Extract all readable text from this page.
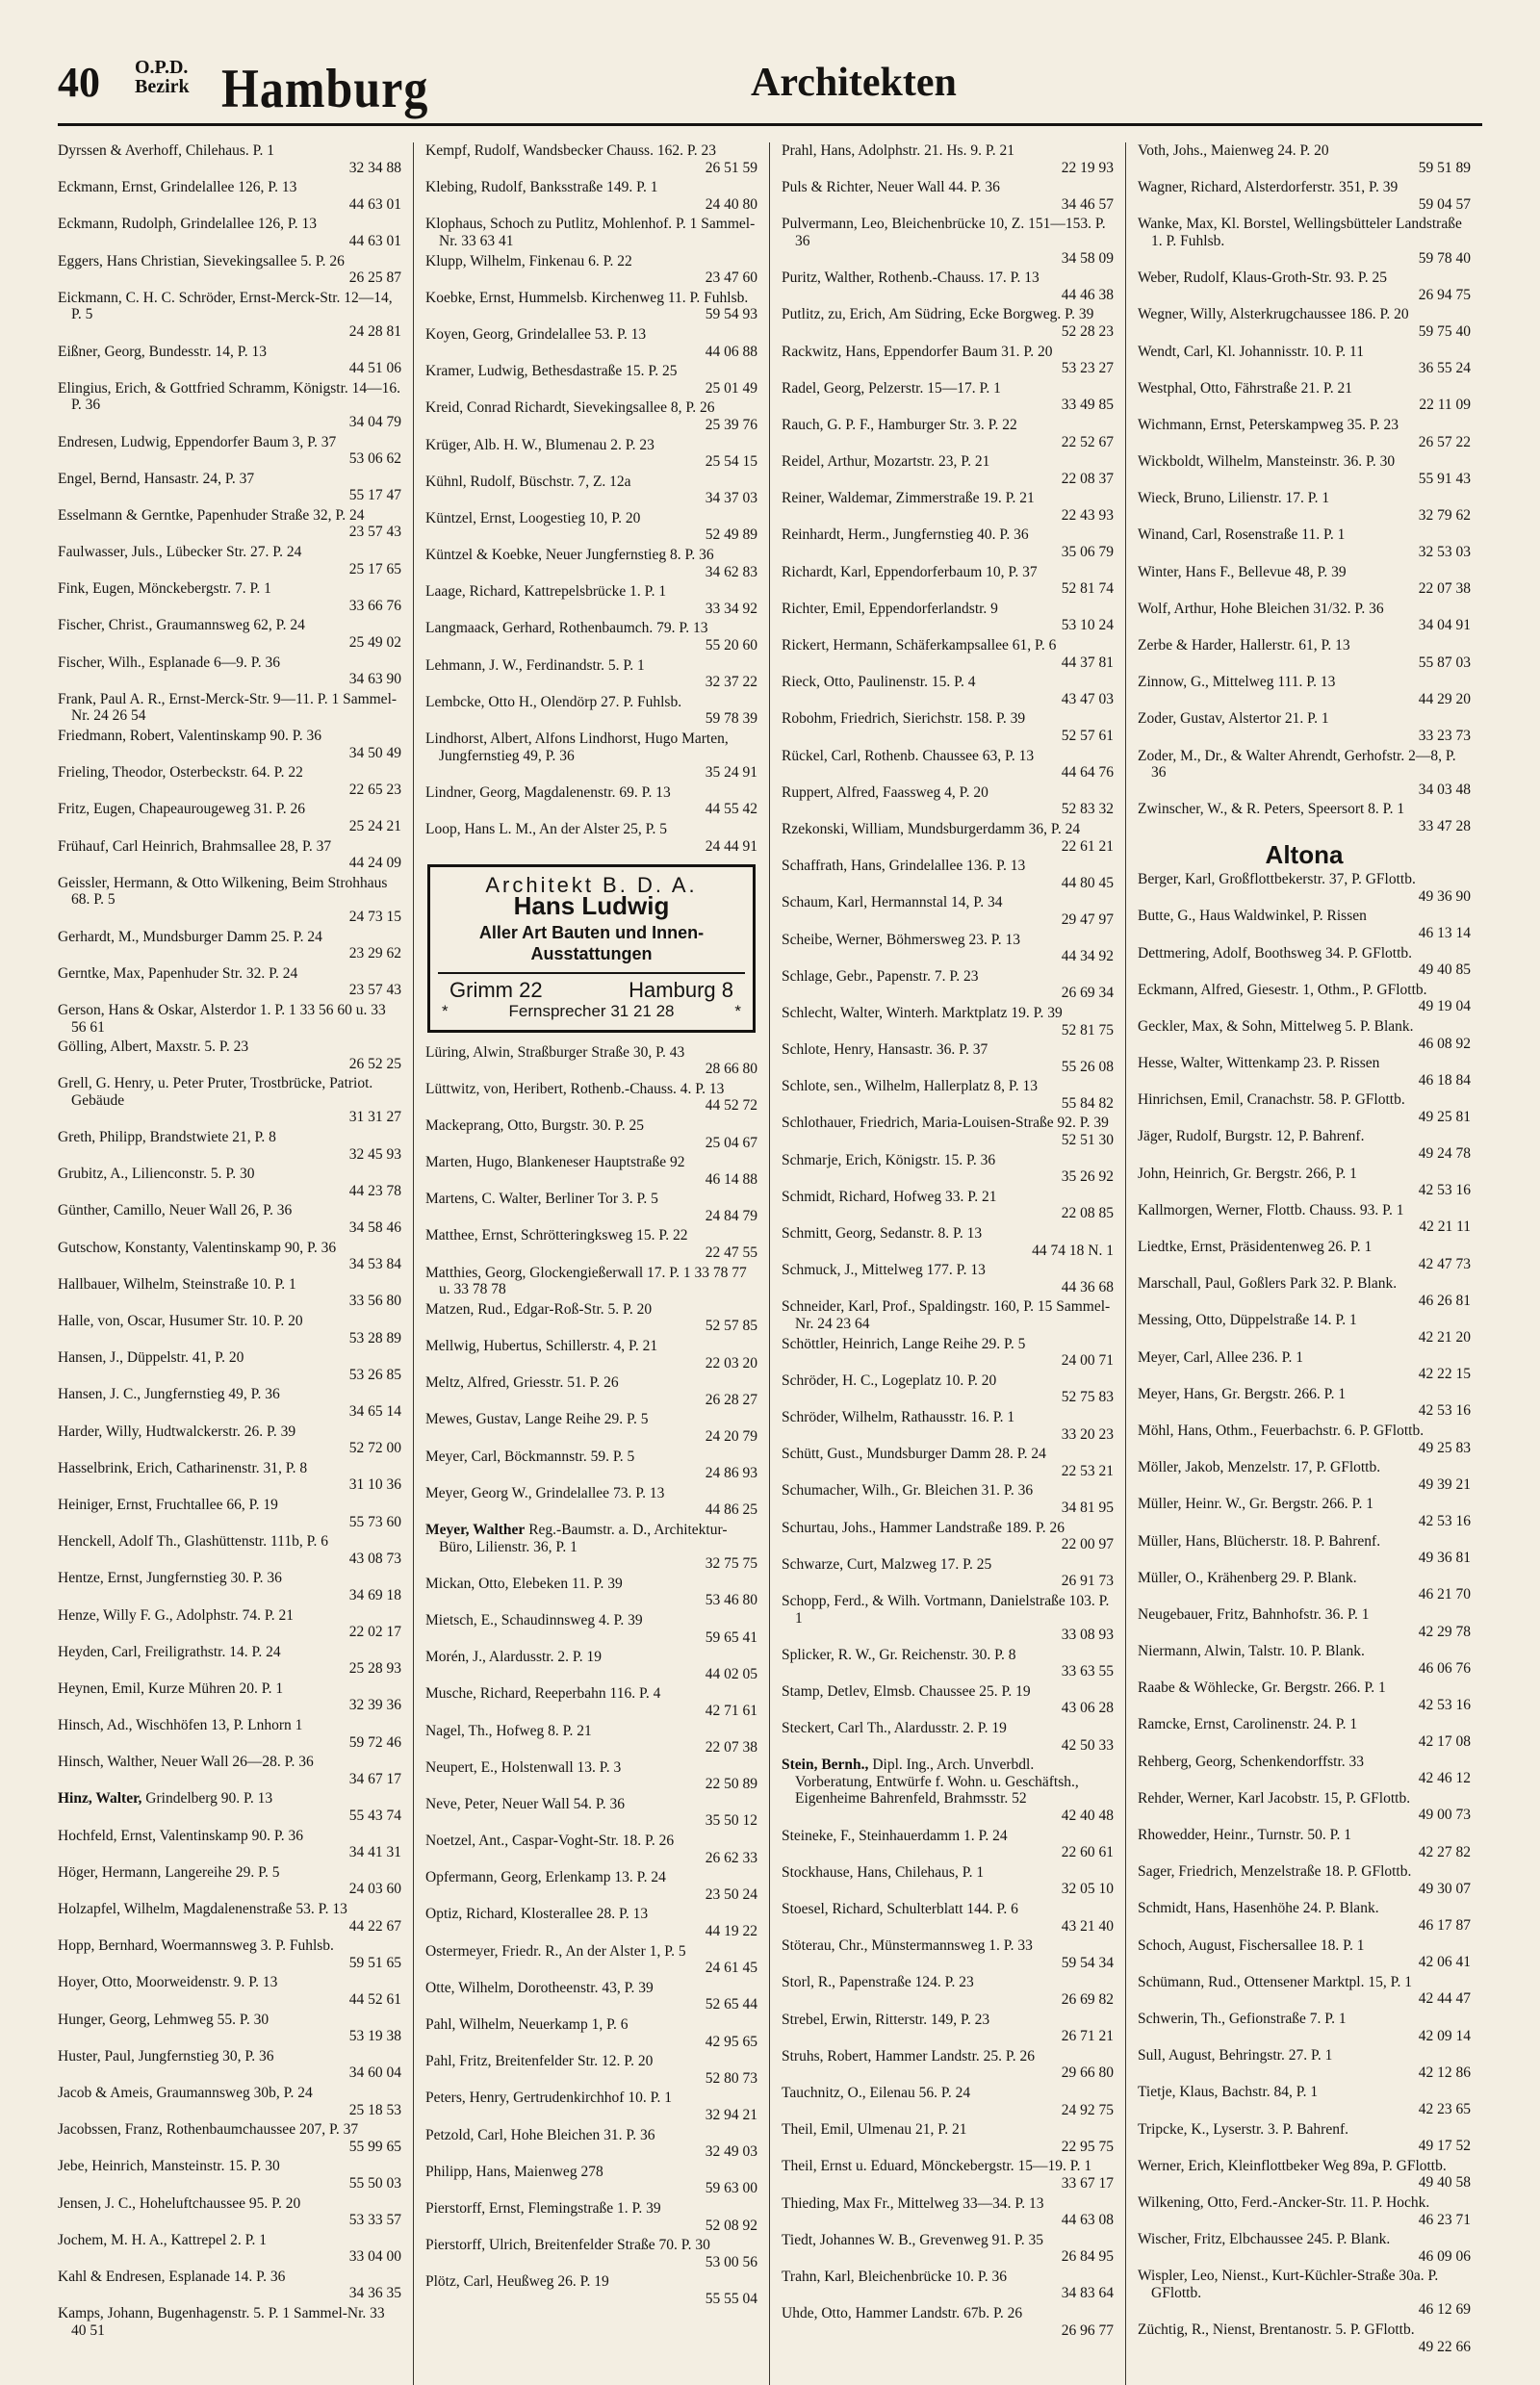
40 O.P.D.
Bezirk Hamburg	Architekten
Dyrssen & Averhoff, Chilehaus. P. 1
32 34 88
Eckmann, Ernst, Grindelallee 126, P. 13
44 63 01
Eckmann, Rudolph, Grindelallee 126, P. 13
44 63 01
Eggers, Hans Christian, Sievekingsallee 5. P. 26
26 25 87
Eickmann, C. H. C. Schröder, Ernst-Merck-Str. 12—14, P. 5
24 28 81
Eißner, Georg, Bundesstr. 14, P. 13
44 51 06
Elingius, Erich, & Gottfried Schramm, Königstr. 14—16. P. 36
34 04 79
Endresen, Ludwig, Eppendorfer Baum 3, P. 37
53 06 62
Engel, Bernd, Hansastr. 24, P. 37
55 17 47
Esselmann & Gerntke, Papenhuder Straße 32, P. 24
23 57 43
Faulwasser, Juls., Lübecker Str. 27. P. 24
25 17 65
Fink, Eugen, Mönckebergstr. 7. P. 1
33 66 76
Fischer, Christ., Graumannsweg 62, P. 24
25 49 02
Fischer, Wilh., Esplanade 6—9. P. 36
34 63 90
Frank, Paul A. R., Ernst-Merck-Str. 9—11. P. 1 Sammel-Nr. 24 26 54
Friedmann, Robert, Valentinskamp 90. P. 36
34 50 49
Frieling, Theodor, Osterbeckstr. 64. P. 22
22 65 23
Fritz, Eugen, Chapeaurougeweg 31. P. 26
25 24 21
Frühauf, Carl Heinrich, Brahmsallee 28, P. 37
44 24 09
Geissler, Hermann, & Otto Wilkening, Beim Strohhaus 68. P. 5
24 73 15
Gerhardt, M., Mundsburger Damm 25. P. 24
23 29 62
Gerntke, Max, Papenhuder Str. 32. P. 24
23 57 43
Gerson, Hans & Oskar, Alsterdor 1. P. 1 33 56 60 u. 33 56 61
Gölling, Albert, Maxstr. 5. P. 23
26 52 25
Grell, G. Henry, u. Peter Pruter, Trostbrücke, Patriot. Gebäude
31 31 27
Greth, Philipp, Brandstwiete 21, P. 8
32 45 93
Grubitz, A., Lilienconstr. 5. P. 30
44 23 78
Günther, Camillo, Neuer Wall 26, P. 36
34 58 46
Gutschow, Konstanty, Valentinskamp 90, P. 36
34 53 84
Hallbauer, Wilhelm, Steinstraße 10. P. 1
33 56 80
Halle, von, Oscar, Husumer Str. 10. P. 20
53 28 89
Hansen, J., Düppelstr. 41, P. 20
53 26 85
Hansen, J. C., Jungfernstieg 49, P. 36
34 65 14
Harder, Willy, Hudtwalckerstr. 26. P. 39
52 72 00
Hasselbrink, Erich, Catharinenstr. 31, P. 8
31 10 36
Heiniger, Ernst, Fruchtallee 66, P. 19
55 73 60
Henckell, Adolf Th., Glashüttenstr. 111b, P. 6
43 08 73
Hentze, Ernst, Jungfernstieg 30. P. 36
34 69 18
Henze, Willy F. G., Adolphstr. 74. P. 21
22 02 17
Heyden, Carl, Freiligrathstr. 14. P. 24
25 28 93
Heynen, Emil, Kurze Mühren 20. P. 1
32 39 36
Hinsch, Ad., Wischhöfen 13, P. Lnhorn 1
59 72 46
Hinsch, Walther, Neuer Wall 26—28. P. 36
34 67 17
Hinz, Walter, Grindelberg 90. P. 13
55 43 74
Hochfeld, Ernst, Valentinskamp 90. P. 36
34 41 31
Höger, Hermann, Langereihe 29. P. 5
24 03 60
Holzapfel, Wilhelm, Magdalenenstraße 53. P. 13
44 22 67
Hopp, Bernhard, Woermannsweg 3. P. Fuhlsb.
59 51 65
Hoyer, Otto, Moorweidenstr. 9. P. 13
44 52 61
Hunger, Georg, Lehmweg 55. P. 30
53 19 38
Huster, Paul, Jungfernstieg 30, P. 36
34 60 04
Jacob & Ameis, Graumannsweg 30b, P. 24
25 18 53
Jacobssen, Franz, Rothenbaumchaussee 207, P. 37
55 99 65
Jebe, Heinrich, Mansteinstr. 15. P. 30
55 50 03
Jensen, J. C., Hoheluftchaussee 95. P. 20
53 33 57
Jochem, M. H. A., Kattrepel 2. P. 1
33 04 00
Kahl & Endresen, Esplanade 14. P. 36
34 36 35
Kamps, Johann, Bugenhagenstr. 5. P. 1 Sammel-Nr. 33 40 51
Kempf, Rudolf, Wandsbecker Chauss. 162. P. 23
26 51 59
Klebing, Rudolf, Banksstraße 149. P. 1
24 40 80
Klophaus, Schoch zu Putlitz, Mohlenhof. P. 1 Sammel-Nr. 33 63 41
Klupp, Wilhelm, Finkenau 6. P. 22
23 47 60
Koebke, Ernst, Hummelsb. Kirchenweg 11. P. Fuhlsb.
59 54 93
Koyen, Georg, Grindelallee 53. P. 13
44 06 88
Kramer, Ludwig, Bethesdastraße 15. P. 25
25 01 49
Kreid, Conrad Richardt, Sievekingsallee 8, P. 26
25 39 76
Krüger, Alb. H. W., Blumenau 2. P. 23
25 54 15
Kühnl, Rudolf, Büschstr. 7, Z. 12a
34 37 03
Küntzel, Ernst, Loogestieg 10, P. 20
52 49 89
Küntzel & Koebke, Neuer Jungfernstieg 8. P. 36
34 62 83
Laage, Richard, Kattrepelsbrücke 1. P. 1
33 34 92
Langmaack, Gerhard, Rothenbaumch. 79. P. 13
55 20 60
Lehmann, J. W., Ferdinandstr. 5. P. 1
32 37 22
Lembcke, Otto H., Olendörp 27. P. Fuhlsb.
59 78 39
Lindhorst, Albert, Alfons Lindhorst, Hugo Marten, Jungfernstieg 49, P. 36
35 24 91
Lindner, Georg, Magdalenenstr. 69. P. 13
44 55 42
Loop, Hans L. M., An der Alster 25, P. 5
24 44 91
Architekt B. D. A.
Hans Ludwig
Aller Art Bauten und Innen-Ausstattungen
Grimm 22	Hamburg 8
*	Fernsprecher 31 21 28	*
Lüring, Alwin, Straßburger Straße 30, P. 43
28 66 80
Lüttwitz, von, Heribert, Rothenb.-Chauss. 4. P. 13
44 52 72
Mackeprang, Otto, Burgstr. 30. P. 25
25 04 67
Marten, Hugo, Blankeneser Hauptstraße 92
46 14 88
Martens, C. Walter, Berliner Tor 3. P. 5
24 84 79
Matthee, Ernst, Schrötteringksweg 15. P. 22
22 47 55
Matthies, Georg, Glockengießerwall 17. P. 1 33 78 77 u. 33 78 78
Matzen, Rud., Edgar-Roß-Str. 5. P. 20
52 57 85
Mellwig, Hubertus, Schillerstr. 4, P. 21
22 03 20
Meltz, Alfred, Griesstr. 51. P. 26
26 28 27
Mewes, Gustav, Lange Reihe 29. P. 5
24 20 79
Meyer, Carl, Böckmannstr. 59. P. 5
24 86 93
Meyer, Georg W., Grindelallee 73. P. 13
44 86 25
Meyer, Walther Reg.-Baumstr. a. D., Architektur-Büro, Lilienstr. 36, P. 1
32 75 75
Mickan, Otto, Elebeken 11. P. 39
53 46 80
Mietsch, E., Schaudinnsweg 4. P. 39
59 65 41
Morén, J., Alardusstr. 2. P. 19
44 02 05
Musche, Richard, Reeperbahn 116. P. 4
42 71 61
Nagel, Th., Hofweg 8. P. 21
22 07 38
Neupert, E., Holstenwall 13. P. 3
22 50 89
Neve, Peter, Neuer Wall 54. P. 36
35 50 12
Noetzel, Ant., Caspar-Voght-Str. 18. P. 26
26 62 33
Opfermann, Georg, Erlenkamp 13. P. 24
23 50 24
Optiz, Richard, Klosterallee 28. P. 13
44 19 22
Ostermeyer, Friedr. R., An der Alster 1, P. 5
24 61 45
Otte, Wilhelm, Dorotheenstr. 43, P. 39
52 65 44
Pahl, Wilhelm, Neuerkamp 1, P. 6
42 95 65
Pahl, Fritz, Breitenfelder Str. 12. P. 20
52 80 73
Peters, Henry, Gertrudenkirchhof 10. P. 1
32 94 21
Petzold, Carl, Hohe Bleichen 31. P. 36
32 49 03
Philipp, Hans, Maienweg 278
59 63 00
Pierstorff, Ernst, Flemingstraße 1. P. 39
52 08 92
Pierstorff, Ulrich, Breitenfelder Straße 70. P. 30
53 00 56
Plötz, Carl, Heußweg 26. P. 19
55 55 04
Prahl, Hans, Adolphstr. 21. Hs. 9. P. 21
22 19 93
Puls & Richter, Neuer Wall 44. P. 36
34 46 57
Pulvermann, Leo, Bleichenbrücke 10, Z. 151—153. P. 36
34 58 09
Puritz, Walther, Rothenb.-Chauss. 17. P. 13
44 46 38
Putlitz, zu, Erich, Am Südring, Ecke Borgweg. P. 39
52 28 23
Rackwitz, Hans, Eppendorfer Baum 31. P. 20
53 23 27
Radel, Georg, Pelzerstr. 15—17. P. 1
33 49 85
Rauch, G. P. F., Hamburger Str. 3. P. 22
22 52 67
Reidel, Arthur, Mozartstr. 23, P. 21
22 08 37
Reiner, Waldemar, Zimmerstraße 19. P. 21
22 43 93
Reinhardt, Herm., Jungfernstieg 40. P. 36
35 06 79
Richardt, Karl, Eppendorferbaum 10, P. 37
52 81 74
Richter, Emil, Eppendorferlandstr. 9
53 10 24
Rickert, Hermann, Schäferkampsallee 61, P. 6
44 37 81
Rieck, Otto, Paulinenstr. 15. P. 4
43 47 03
Robohm, Friedrich, Sierichstr. 158. P. 39
52 57 61
Rückel, Carl, Rothenb. Chaussee 63, P. 13
44 64 76
Ruppert, Alfred, Faassweg 4, P. 20
52 83 32
Rzekonski, William, Mundsburgerdamm 36, P. 24
22 61 21
Schaffrath, Hans, Grindelallee 136. P. 13
44 80 45
Schaum, Karl, Hermannstal 14, P. 34
29 47 97
Scheibe, Werner, Böhmersweg 23. P. 13
44 34 92
Schlage, Gebr., Papenstr. 7. P. 23
26 69 34
Schlecht, Walter, Winterh. Marktplatz 19. P. 39
52 81 75
Schlote, Henry, Hansastr. 36. P. 37
55 26 08
Schlote, sen., Wilhelm, Hallerplatz 8, P. 13
55 84 82
Schlothauer, Friedrich, Maria-Louisen-Straße 92. P. 39
52 51 30
Schmarje, Erich, Königstr. 15. P. 36
35 26 92
Schmidt, Richard, Hofweg 33. P. 21
22 08 85
Schmitt, Georg, Sedanstr. 8. P. 13
44 74 18 N. 1
Schmuck, J., Mittelweg 177. P. 13
44 36 68
Schneider, Karl, Prof., Spaldingstr. 160, P. 15 Sammel-Nr. 24 23 64
Schöttler, Heinrich, Lange Reihe 29. P. 5
24 00 71
Schröder, H. C., Logeplatz 10. P. 20
52 75 83
Schröder, Wilhelm, Rathausstr. 16. P. 1
33 20 23
Schütt, Gust., Mundsburger Damm 28. P. 24
22 53 21
Schumacher, Wilh., Gr. Bleichen 31. P. 36
34 81 95
Schurtau, Johs., Hammer Landstraße 189. P. 26
22 00 97
Schwarze, Curt, Malzweg 17. P. 25
26 91 73
Schopp, Ferd., & Wilh. Vortmann, Danielstraße 103. P. 1
33 08 93
Splicker, R. W., Gr. Reichenstr. 30. P. 8
33 63 55
Stamp, Detlev, Elmsb. Chaussee 25. P. 19
43 06 28
Steckert, Carl Th., Alardusstr. 2. P. 19
42 50 33
Stein, Bernh., Dipl. Ing., Arch. Unverbdl. Vorberatung, Entwürfe f. Wohn. u. Geschäftsh., Eigenheime Bahrenfeld, Brahmsstr. 52
42 40 48
Steineke, F., Steinhauerdamm 1. P. 24
22 60 61
Stockhause, Hans, Chilehaus, P. 1
32 05 10
Stoesel, Richard, Schulterblatt 144. P. 6
43 21 40
Stöterau, Chr., Münstermannsweg 1. P. 33
59 54 34
Storl, R., Papenstraße 124. P. 23
26 69 82
Strebel, Erwin, Ritterstr. 149, P. 23
26 71 21
Struhs, Robert, Hammer Landstr. 25. P. 26
29 66 80
Tauchnitz, O., Eilenau 56. P. 24
24 92 75
Theil, Emil, Ulmenau 21, P. 21
22 95 75
Theil, Ernst u. Eduard, Mönckebergstr. 15—19. P. 1
33 67 17
Thieding, Max Fr., Mittelweg 33—34. P. 13
44 63 08
Tiedt, Johannes W. B., Grevenweg 91. P. 35
26 84 95
Trahn, Karl, Bleichenbrücke 10. P. 36
34 83 64
Uhde, Otto, Hammer Landstr. 67b. P. 26
26 96 77
Voth, Johs., Maienweg 24. P. 20
59 51 89
Wagner, Richard, Alsterdorferstr. 351, P. 39
59 04 57
Wanke, Max, Kl. Borstel, Wellingsbütteler Landstraße 1. P. Fuhlsb.
59 78 40
Weber, Rudolf, Klaus-Groth-Str. 93. P. 25
26 94 75
Wegner, Willy, Alsterkrugchaussee 186. P. 20
59 75 40
Wendt, Carl, Kl. Johannisstr. 10. P. 11
36 55 24
Westphal, Otto, Fährstraße 21. P. 21
22 11 09
Wichmann, Ernst, Peterskampweg 35. P. 23
26 57 22
Wickboldt, Wilhelm, Mansteinstr. 36. P. 30
55 91 43
Wieck, Bruno, Lilienstr. 17. P. 1
32 79 62
Winand, Carl, Rosenstraße 11. P. 1
32 53 03
Winter, Hans F., Bellevue 48, P. 39
22 07 38
Wolf, Arthur, Hohe Bleichen 31/32. P. 36
34 04 91
Zerbe & Harder, Hallerstr. 61, P. 13
55 87 03
Zinnow, G., Mittelweg 111. P. 13
44 29 20
Zoder, Gustav, Alstertor 21. P. 1
33 23 73
Zoder, M., Dr., & Walter Ahrendt, Gerhofstr. 2—8, P. 36
34 03 48
Zwinscher, W., & R. Peters, Speersort 8. P. 1
33 47 28
Altona
Berger, Karl, Großflottbekerstr. 37, P. GFlottb.
49 36 90
Butte, G., Haus Waldwinkel, P. Rissen
46 13 14
Dettmering, Adolf, Boothsweg 34. P. GFlottb.
49 40 85
Eckmann, Alfred, Giesestr. 1, Othm., P. GFlottb.
49 19 04
Geckler, Max, & Sohn, Mittelweg 5. P. Blank.
46 08 92
Hesse, Walter, Wittenkamp 23. P. Rissen
46 18 84
Hinrichsen, Emil, Cranachstr. 58. P. GFlottb.
49 25 81
Jäger, Rudolf, Burgstr. 12, P. Bahrenf.
49 24 78
John, Heinrich, Gr. Bergstr. 266, P. 1
42 53 16
Kallmorgen, Werner, Flottb. Chauss. 93. P. 1
42 21 11
Liedtke, Ernst, Präsidentenweg 26. P. 1
42 47 73
Marschall, Paul, Goßlers Park 32. P. Blank.
46 26 81
Messing, Otto, Düppelstraße 14. P. 1
42 21 20
Meyer, Carl, Allee 236. P. 1
42 22 15
Meyer, Hans, Gr. Bergstr. 266. P. 1
42 53 16
Möhl, Hans, Othm., Feuerbachstr. 6. P. GFlottb.
49 25 83
Möller, Jakob, Menzelstr. 17, P. GFlottb.
49 39 21
Müller, Heinr. W., Gr. Bergstr. 266. P. 1
42 53 16
Müller, Hans, Blücherstr. 18. P. Bahrenf.
49 36 81
Müller, O., Krähenberg 29. P. Blank.
46 21 70
Neugebauer, Fritz, Bahnhofstr. 36. P. 1
42 29 78
Niermann, Alwin, Talstr. 10. P. Blank.
46 06 76
Raabe & Wöhlecke, Gr. Bergstr. 266. P. 1
42 53 16
Ramcke, Ernst, Carolinenstr. 24. P. 1
42 17 08
Rehberg, Georg, Schenkendorffstr. 33
42 46 12
Rehder, Werner, Karl Jacobstr. 15, P. GFlottb.
49 00 73
Rhowedder, Heinr., Turnstr. 50. P. 1
42 27 82
Sager, Friedrich, Menzelstraße 18. P. GFlottb.
49 30 07
Schmidt, Hans, Hasenhöhe 24. P. Blank.
46 17 87
Schoch, August, Fischersallee 18. P. 1
42 06 41
Schümann, Rud., Ottensener Marktpl. 15, P. 1
42 44 47
Schwerin, Th., Gefionstraße 7. P. 1
42 09 14
Sull, August, Behringstr. 27. P. 1
42 12 86
Tietje, Klaus, Bachstr. 84, P. 1
42 23 65
Tripcke, K., Lyserstr. 3. P. Bahrenf.
49 17 52
Werner, Erich, Kleinflottbeker Weg 89a, P. GFlottb.
49 40 58
Wilkening, Otto, Ferd.-Ancker-Str. 11. P. Hochk.
46 23 71
Wischer, Fritz, Elbchaussee 245. P. Blank.
46 09 06
Wispler, Leo, Nienst., Kurt-Küchler-Straße 30a. P. GFlottb.
46 12 69
Züchtig, R., Nienst, Brentanostr. 5. P. GFlottb.
49 22 66
